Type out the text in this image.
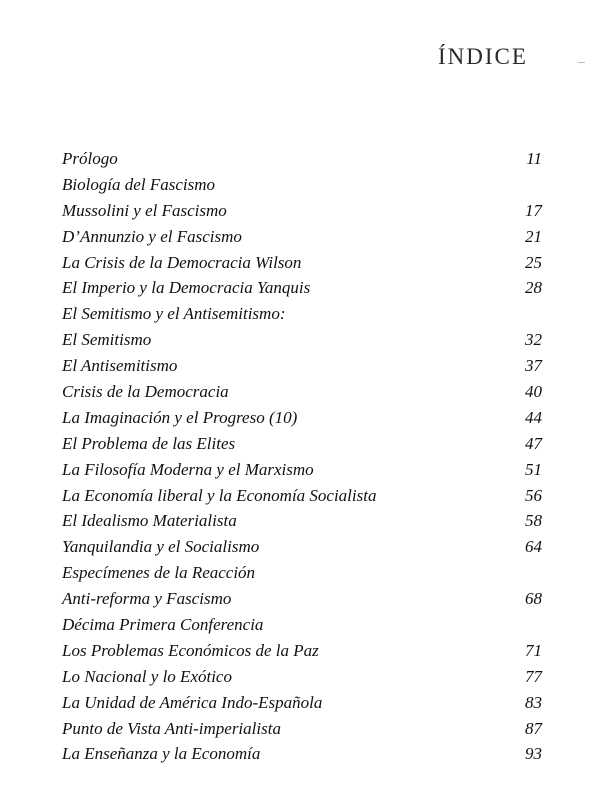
ÍNDICE
Prólogo	11
Biología del Fascismo
Mussolini y el Fascismo	17
D’Annunzio y el Fascismo	21
La Crisis de la Democracia Wilson	25
El Imperio y la Democracia Yanquis	28
El Semitismo y el Antisemitismo:
El Semitismo	32
El Antisemitismo	37
Crisis de la Democracia	40
La Imaginación y el Progreso (10)	44
El Problema de las Elites	47
La Filosofía Moderna y el Marxismo	51
La Economía liberal y la Economía Socialista	56
El Idealismo Materialista	58
Yanquilandia y el Socialismo	64
Especímenes de la Reacción
Anti-reforma y Fascismo	68
Décima Primera Conferencia
Los Problemas Económicos de la Paz	71
Lo Nacional y lo Exótico	77
La Unidad de América Indo-Española	83
Punto de Vista Anti-imperialista	87
La Enseñanza y la Economía	93
